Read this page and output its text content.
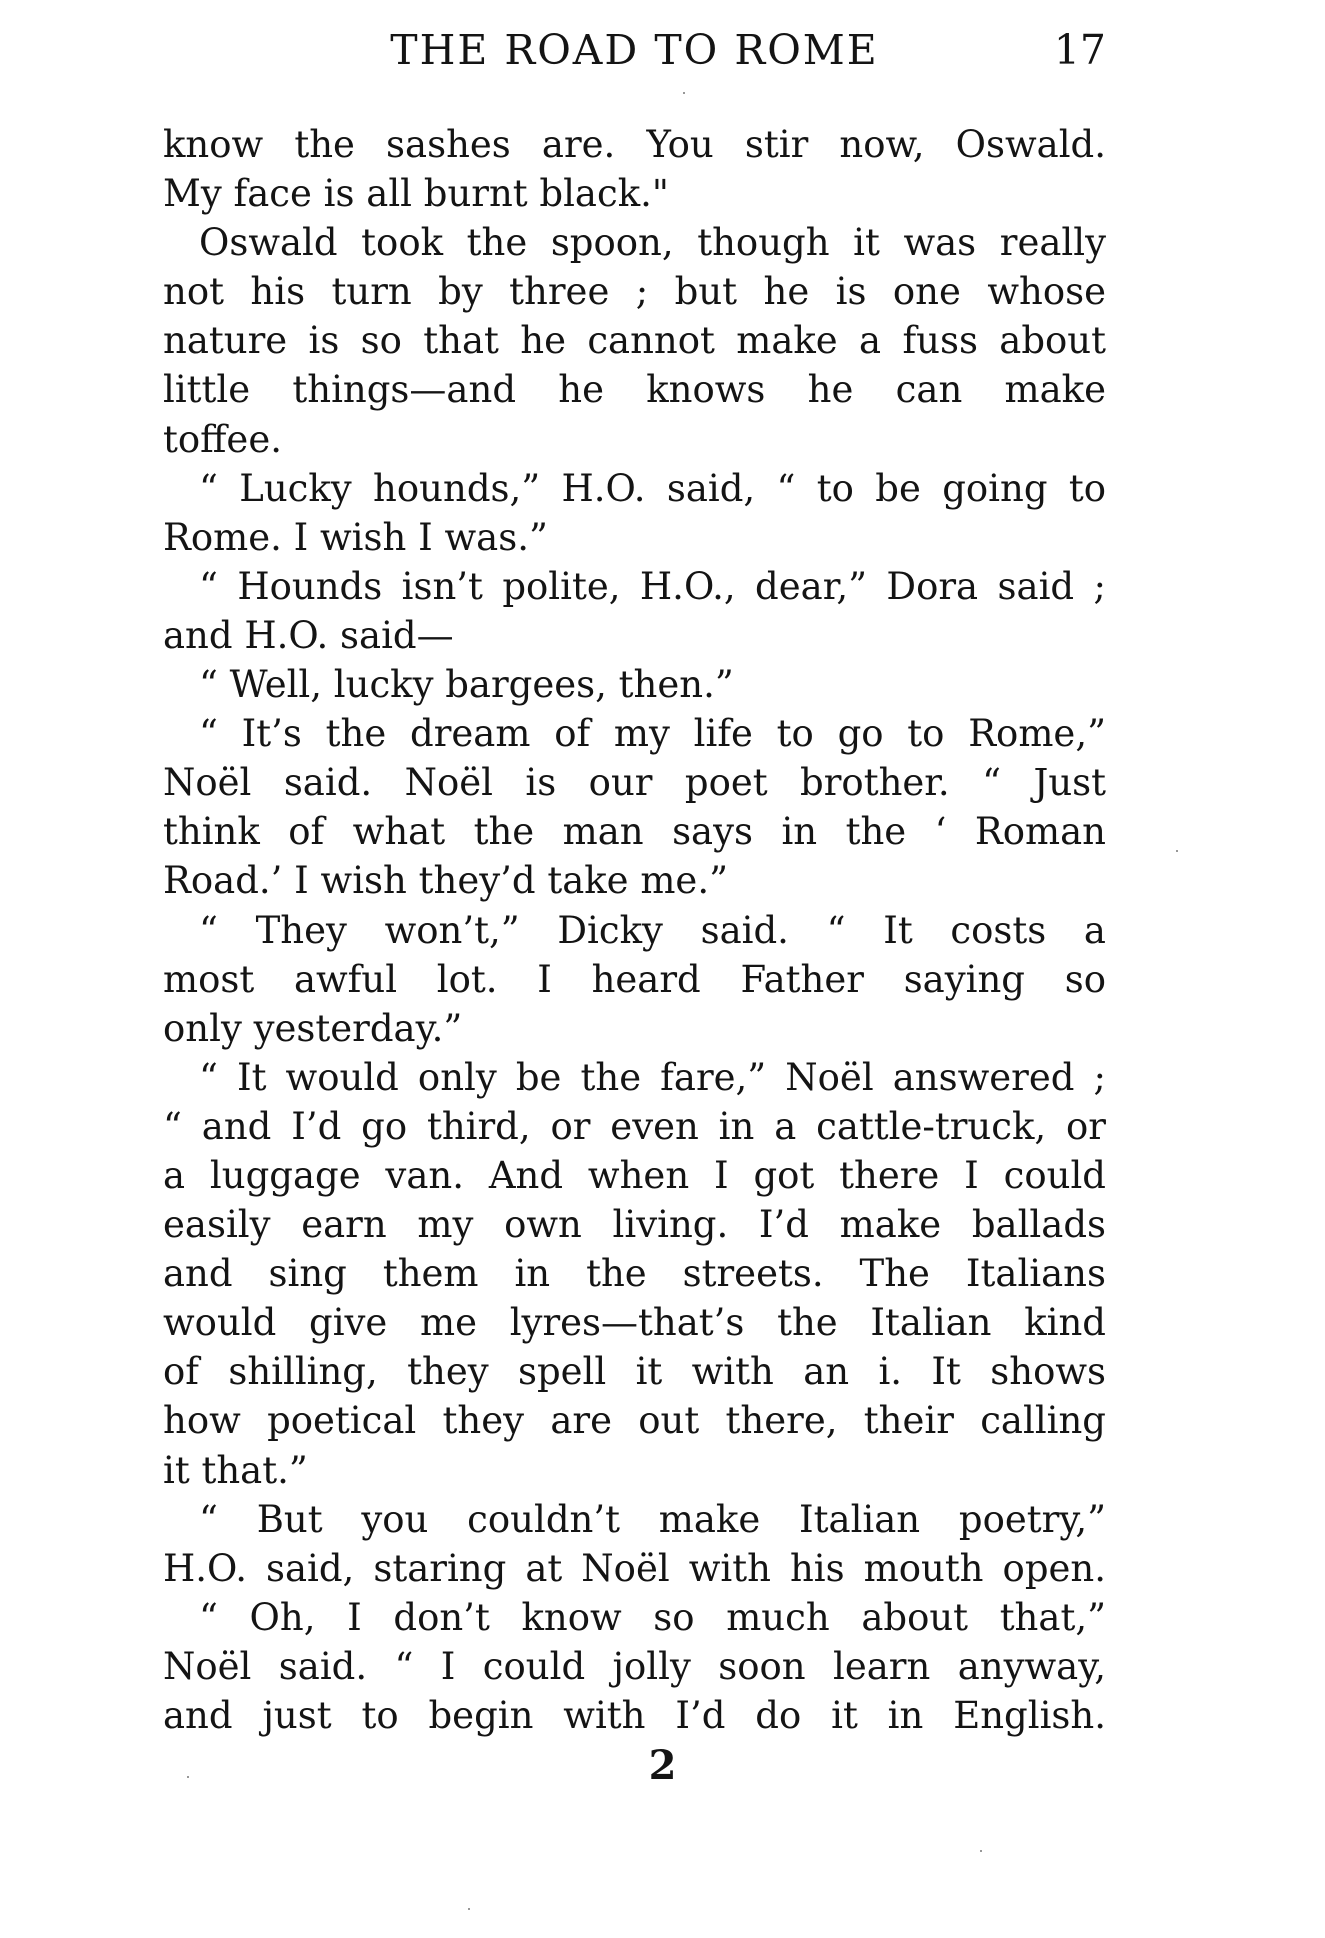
THE ROAD TO ROME	17
know the sashes are. You stir now, Oswald.
My face is all burnt black."
Oswald took the spoon, though it was really
not his turn by three ; but he is one whose
nature is so that he cannot make a fuss about
little things—and he knows he can make
toffee.
“ Lucky hounds,” H.O. said, “ to be going to
Rome. I wish I was.”
“ Hounds isn’t polite, H.O., dear,” Dora said ;
and H.O. said—
“ Well, lucky bargees, then.”
“ It’s the dream of my life to go to Rome,”
Noël said. Noël is our poet brother. “ Just
think of what the man says in the ‘ Roman
Road.’ I wish they’d take me.”
“ They won’t,” Dicky said. “ It costs a
most awful lot. I heard Father saying so
only yesterday.”
“ It would only be the fare,” Noël answered ;
“ and I’d go third, or even in a cattle-truck, or
a luggage van. And when I got there I could
easily earn my own living. I’d make ballads
and sing them in the streets. The Italians
would give me lyres—that’s the Italian kind
of shilling, they spell it with an i. It shows
how poetical they are out there, their calling
it that.”
“ But you couldn’t make Italian poetry,”
H.O. said, staring at Noël with his mouth open.
“ Oh, I don’t know so much about that,”
Noël said. “ I could jolly soon learn anyway,
and just to begin with I’d do it in English.
2
